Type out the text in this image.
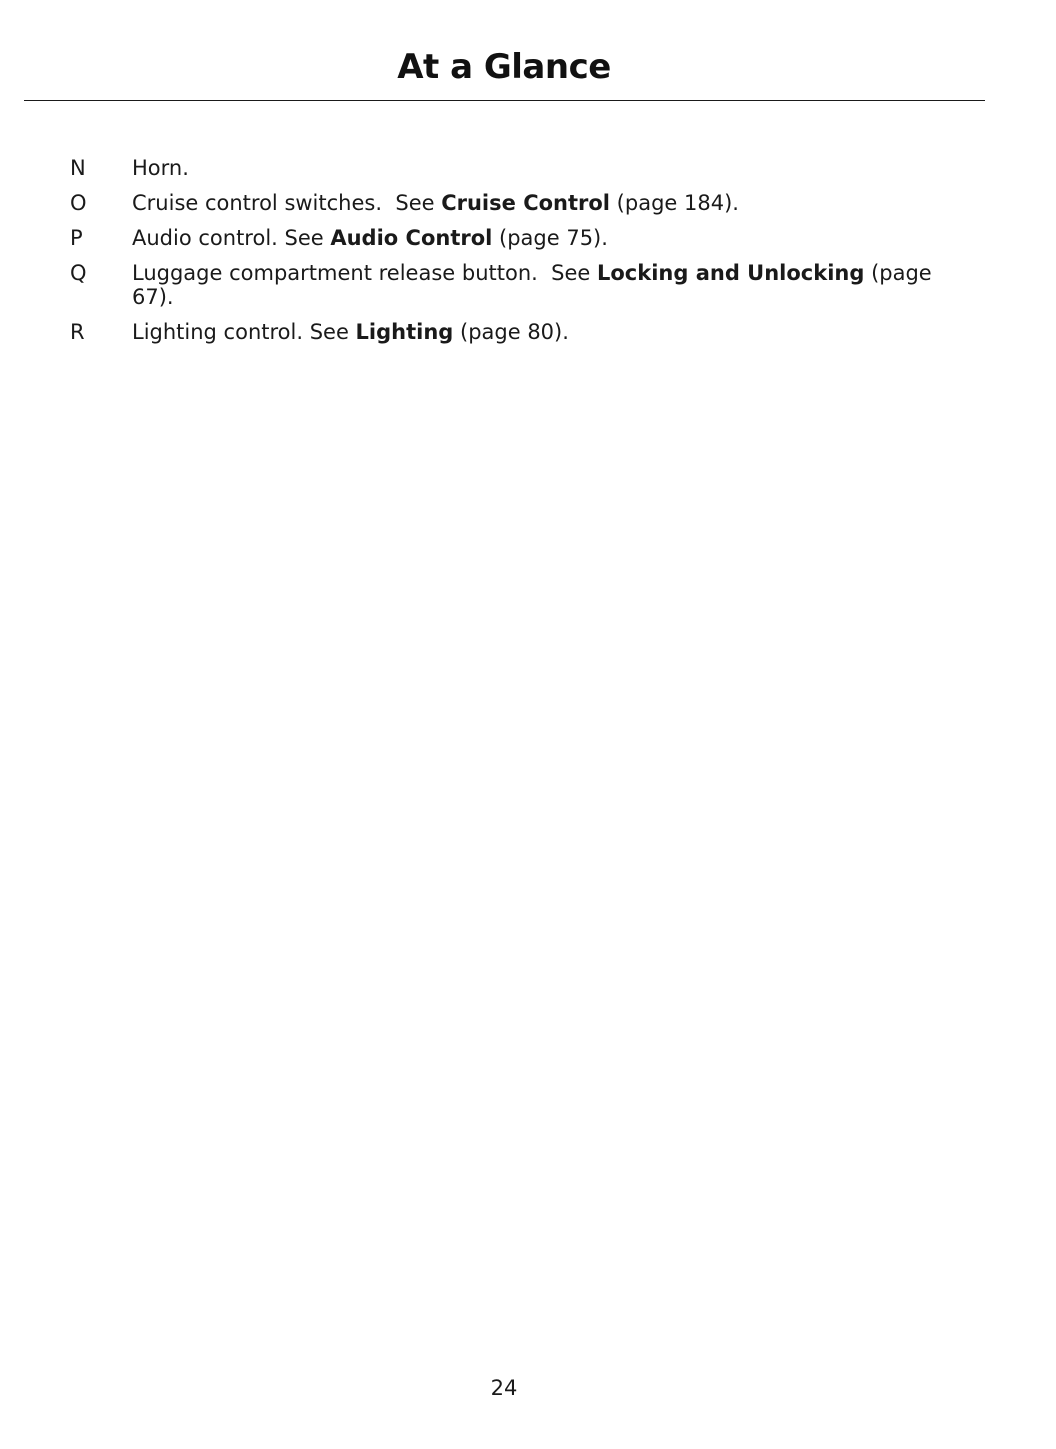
At a Glance
N	Horn.
O	Cruise control switches.  See Cruise Control (page 184).
P	Audio control. See Audio Control (page 75).
Q	Luggage compartment release button.  See Locking and Unlocking (page 67).
R	Lighting control. See Lighting (page 80).
24
